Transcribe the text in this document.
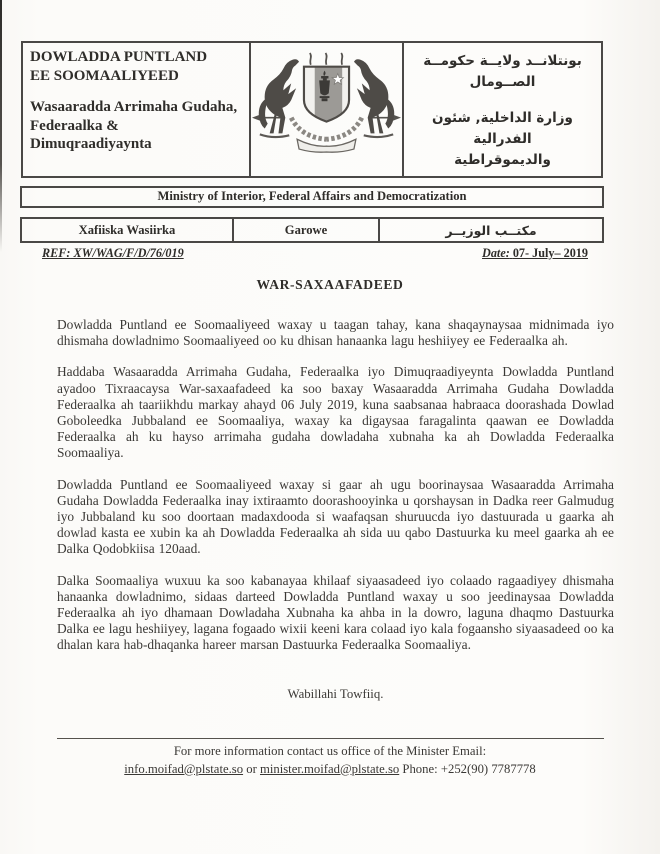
DOWLADDA PUNTLAND
EE SOOMAALIYEED
Wasaaradda Arrimaha Gudaha,
Federaalka & Dimuqraadiyaynta
بونتلانــد ولايــة حكومــة
الصــومال
وزارة الداخلية, شئون الفدرالية
والديموقراطية
Ministry of Interior, Federal Affairs and Democratization
Xafiiska Wasiirka	Garowe	مكتــب الوزيــر
REF: XW/WAG/F/D/76/019	Date: 07- July– 2019
WAR-SAXAAFADEED

Dowladda Puntland ee Soomaaliyeed waxay u taagan tahay, kana shaqaynaysaa midnimada iyo dhismaha dowladnimo Soomaaliyeed oo ku dhisan hanaanka lagu heshiiyey ee Federaalka ah.

Haddaba Wasaaradda Arrimaha Gudaha, Federaalka iyo Dimuqraadiyeynta Dowladda Puntland ayadoo Tixraacaysa War-saxaafadeed ka soo baxay Wasaaradda Arrimaha Gudaha Dowladda Federaalka ah taariikhdu markay ahayd 06 July 2019, kuna saabsanaa habraaca doorashada Dowlad Goboleedka Jubbaland ee Soomaaliya, waxay ka digaysaa faragalinta qaawan ee Dowladda Federaalka ah ku hayso arrimaha gudaha dowladaha xubnaha ka ah Dowladda Federaalka Soomaaliya.

Dowladda Puntland ee Soomaaliyeed waxay si gaar ah ugu boorinaysaa Wasaaradda Arrimaha Gudaha Dowladda Federaalka inay ixtiraamto doorashooyinka u qorshaysan in Dadka reer Galmudug iyo Jubbaland ku soo doortaan madaxdooda si waafaqsan shuruucda iyo dastuurada u gaarka ah dowlad kasta ee xubin ka ah Dowladda Federaalka ah sida uu qabo Dastuurka ku meel gaarka ah ee Dalka Qodobkiisa 120aad.

Dalka Soomaaliya wuxuu ka soo kabanayaa khilaaf siyaasadeed iyo colaado ragaadiyey dhismaha hanaanka dowladnimo, sidaas darteed Dowladda Puntland waxay u soo jeedinaysaa Dowladda Federaalka ah iyo dhamaan Dowladaha Xubnaha ka ahba in la dowro, laguna dhaqmo Dastuurka Dalka ee lagu heshiiyey, lagana fogaado wixii keeni kara colaad iyo kala fogaansho siyaasadeed oo ka dhalan kara hab-dhaqanka hareer marsan Dastuurka Federaalka Soomaaliya.

Wabillahi Towfiiq.
For more information contact us office of the Minister Email:
info.moifad@plstate.so or minister.moifad@plstate.so Phone: +252(90) 7787778
